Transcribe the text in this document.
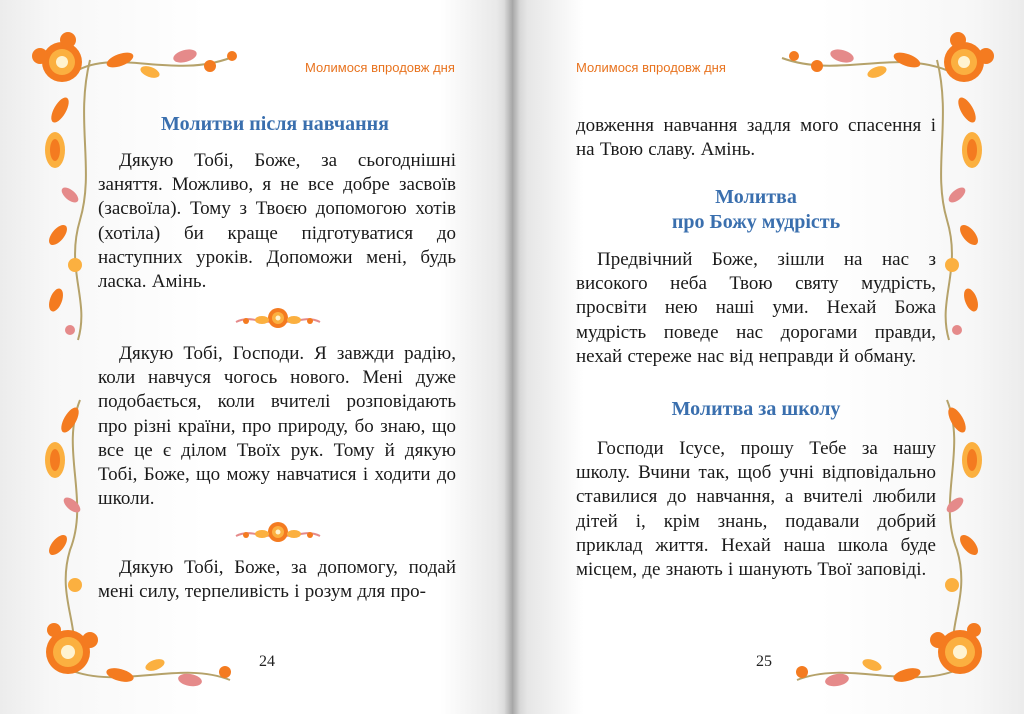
Молимося впродовж дня
Молитви після навчання

Дякую Тобі, Боже, за сьогоднішні заняття. Можливо, я не все добре засвоїв (засвоїла). Тому з Твоєю допомогою хотів (хотіла) би краще підготуватися до наступних уроків. Допоможи мені, будь ласка. Амінь.

Дякую Тобі, Господи. Я завжди радію, коли навчуся чогось нового. Мені дуже подобається, коли вчителі розповідають про різні країни, про природу, бо знаю, що все це є ділом Твоїх рук. Тому й дякую Тобі, Боже, що можу навчатися і ходити до школи.

Дякую Тобі, Боже, за допомогу, подай мені силу, терпеливість і розум для про-

24
Молимося впродовж дня

довження навчання задля мого спасення і на Твою славу. Амінь.

Молитва
про Божу мудрість

Предвічний Боже, зішли на нас з високого неба Твою святу мудрість, просвіти нею наші уми. Нехай Божа мудрість поведе нас дорогами правди, нехай стереже нас від неправди й обману.

Молитва за школу

Господи Ісусе, прошу Тебе за нашу школу. Вчини так, щоб учні відповідально ставилися до навчання, а вчителі любили дітей і, крім знань, подавали добрий приклад життя. Нехай наша школа буде місцем, де знають і шанують Твої заповіді.

25
